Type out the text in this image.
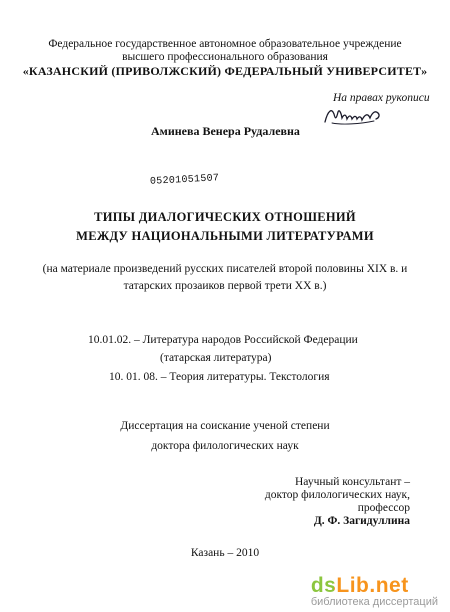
Федеральное государственное автономное образовательное учреждение
высшего профессионального образования
«КАЗАНСКИЙ (ПРИВОЛЖСКИЙ) ФЕДЕРАЛЬНЫЙ УНИВЕРСИТЕТ»
На правах рукописи
Аминева Венера Рудалевна
05201051507
ТИПЫ ДИАЛОГИЧЕСКИХ ОТНОШЕНИЙ
МЕЖДУ НАЦИОНАЛЬНЫМИ ЛИТЕРАТУРАМИ
(на материале произведений русских писателей второй половины XIX в. и
татарских прозаиков первой трети XX в.)
10.01.02. – Литература народов Российской Федерации
(татарская литература)
10. 01. 08. – Теория литературы. Текстология
Диссертация на соискание ученой степени
доктора филологических наук
Научный консультант –
доктор филологических наук,
профессор
Д. Ф. Загидуллина
Казань – 2010
dsLib.net
библиотека диссертаций
